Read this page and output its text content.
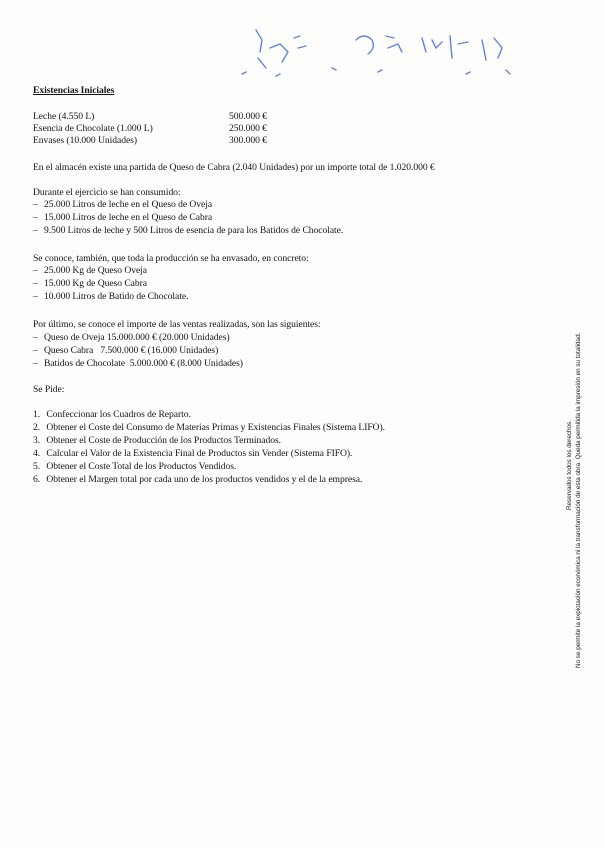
Existencias Iniciales
Leche (4.550 L)	500.000 €
Esencia de Chocolate (1.000 L)	250.000 €
Envases (10.000 Unidades)	300.000 €
En el almacén existe una partida de Queso de Cabra (2.040 Unidades) por un importe total de 1.020.000 €
Durante el ejercicio se han consumido:
– 25.000 Litros de leche en el Queso de Oveja
– 15.000 Litros de leche en el Queso de Cabra
– 9.500 Litros de leche y 500 Litros de esencia de para los Batidos de Chocolate.
Se conoce, también, que toda la producción se ha envasado, en concreto:
– 25.000 Kg de Queso Oveja
– 15.000 Kg de Queso Cabra
– 10.000 Litros de Batido de Chocolate.
Por último, se conoce el importe de las ventas realizadas, son las siguientes:
– Queso de Oveja 15.000.000 € (20.000 Unidades)
– Queso Cabra   7.500.000 € (16.000 Unidades)
– Batidos de Chocolate  5.000.000 € (8.000 Unidades)
Se Pide:
1. Confeccionar los Cuadros de Reparto.
2. Obtener el Coste del Consumo de Materias Primas y Existencias Finales (Sistema LIFO).
3. Obtener el Coste de Producción de los Productos Terminados.
4. Calcular el Valor de la Existencia Final de Productos sin Vender (Sistema FIFO).
5. Obtener el Coste Total de los Productos Vendidos.
6. Obtener el Margen total por cada uno de los productos vendidos y el de la empresa.	Reservados todos los derechos. No se permite la explotación económica ni la transformación de esta obra. Queda permitida la impresión en su totalidad.
